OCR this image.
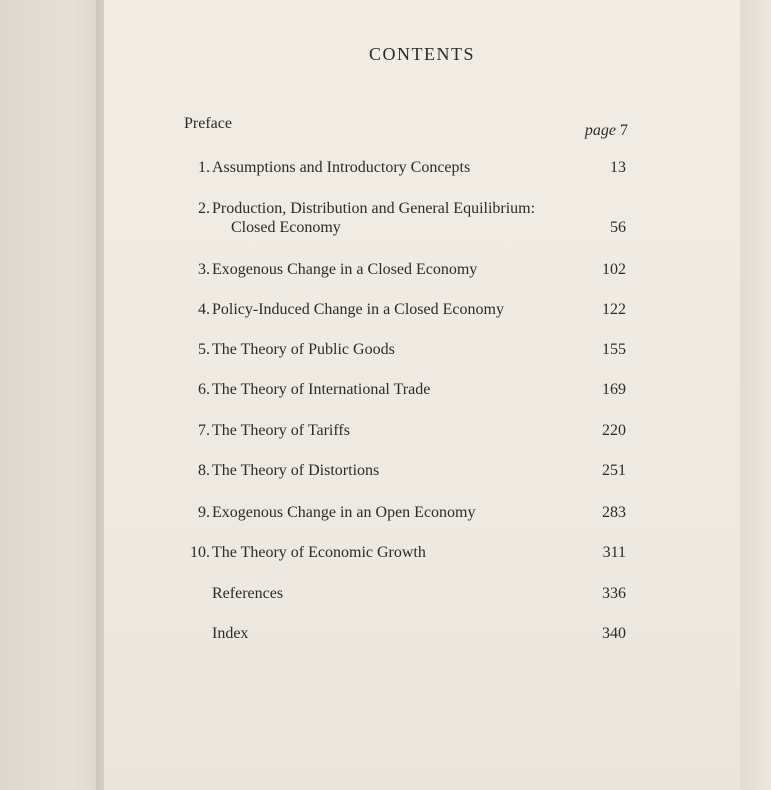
CONTENTS
Preface	page 7
1. Assumptions and Introductory Concepts	13
2. Production, Distribution and General Equilibrium:
Closed Economy	56
3. Exogenous Change in a Closed Economy	102
4. Policy-Induced Change in a Closed Economy	122
5. The Theory of Public Goods	155
6. The Theory of International Trade	169
7. The Theory of Tariffs	220
8. The Theory of Distortions	251
9. Exogenous Change in an Open Economy	283
10. The Theory of Economic Growth	311
References	336
Index	340
